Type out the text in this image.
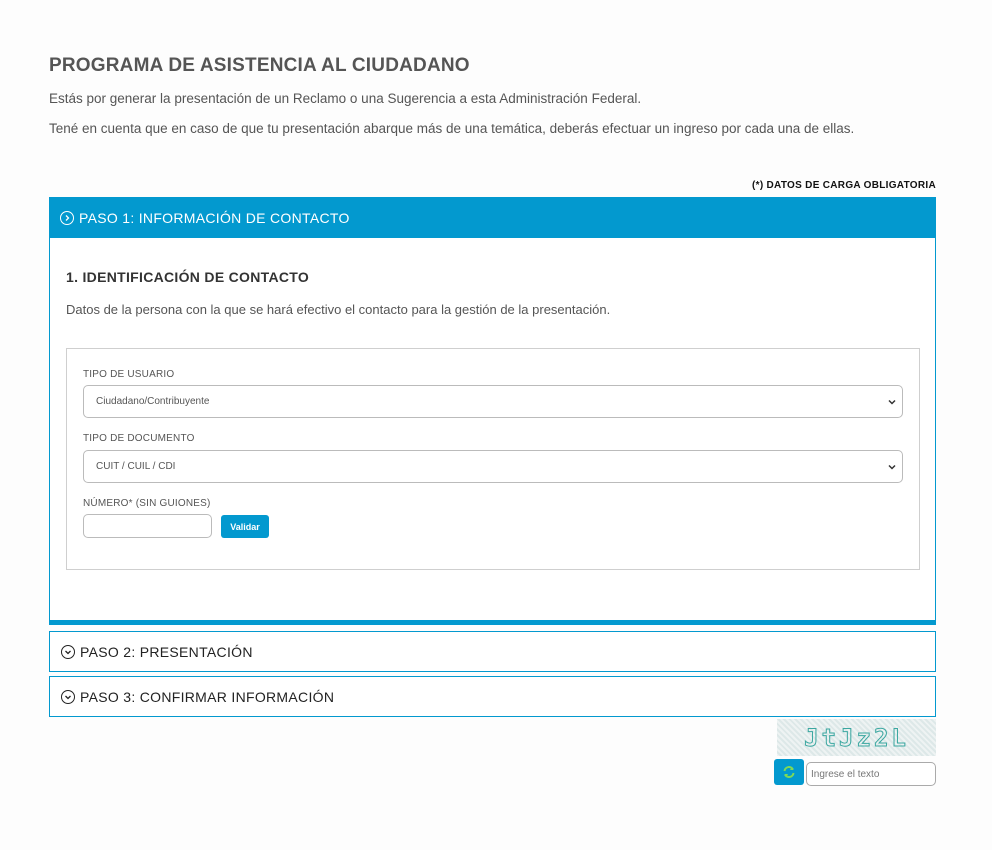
PROGRAMA DE ASISTENCIA AL CIUDADANO
Estás por generar la presentación de un Reclamo o una Sugerencia a esta Administración Federal.
Tené en cuenta que en caso de que tu presentación abarque más de una temática, deberás efectuar un ingreso por cada una de ellas.
(*) DATOS DE CARGA OBLIGATORIA
PASO 1: INFORMACIÓN DE CONTACTO
1. IDENTIFICACIÓN DE CONTACTO
Datos de la persona con la que se hará efectivo el contacto para la gestión de la presentación.
TIPO DE USUARIO
Ciudadano/Contribuyente
TIPO DE DOCUMENTO
CUIT / CUIL / CDI
NÚMERO* (SIN GUIONES)
Validar
PASO 2: PRESENTACIÓN
PASO 3: CONFIRMAR INFORMACIÓN
JtJz2L
Ingrese el texto
